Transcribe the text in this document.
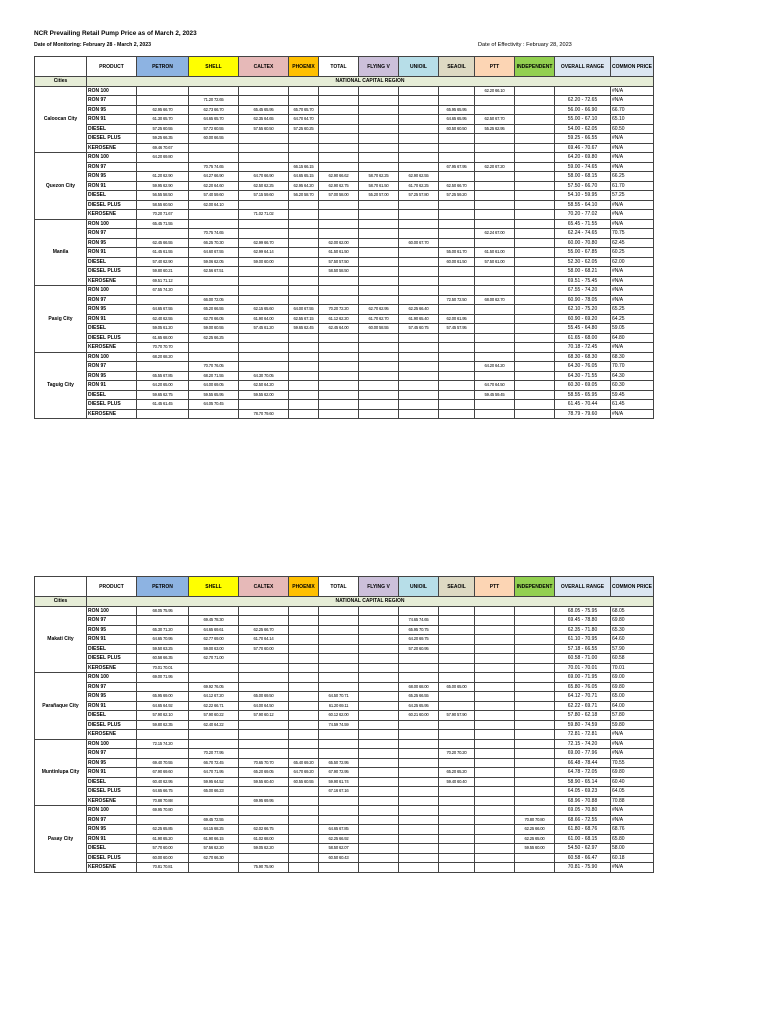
NCR Prevailing Retail Pump Price as of March 2, 2023
Date of Monitoring: February 28 - March 2, 2023	Date of Effectivity : February 28, 2023
	PRODUCT	PETRON	SHELL	CALTEX	PHOENIX	TOTAL	FLYING V	UNIOIL	SEAOIL	PTT	INDEPENDENT	OVERALL RANGE	COMMON PRICE
Cities	NATIONAL CAPITAL REGION												
Caloocan City	RON 100									62.20 66.10			#N/A
	RON 97		71.20 72.65									62.20 - 72.65	#N/A
	RON 95	62.95 66.70	62.73 66.70	65.45 65.95	65.70 65.70				65.95 65.95			56.00 - 66.90	66.70
	RON 91	61.30 65.70	64.65 65.70	62.35 64.65	64.70 64.70				64.65 65.95	62.50 67.70		55.00 - 67.10	65.10
	DIESEL	57.25 60.55	57.72 60.55	57.55 60.50	57.25 60.25				60.50 60.50	55.25 62.95		54.00 - 62.05	60.50
	DIESEL PLUS	59.25 66.35	60.00 66.55									59.25 - 66.55	#N/A
	KEROSENE	69.46 70.67										69.46 - 70.67	#N/A
Quezon City	RON 100	64.20 69.80										64.20 - 69.80	#N/A
	RON 97		70.75 74.65		66.15 66.15				67.95 67.95	62.20 67.20		59.00 - 74.65	#N/A
	RON 95	61.20 62.90	64.27 66.90	64.70 66.90	64.65 65.15	62.90 66.62	58.70 62.25	62.90 62.55				58.00 - 68.15	66.25
	RON 91	59.95 62.90	62.20 64.60	62.50 62.25	62.95 64.20	62.90 62.75	58.70 61.50	61.70 62.25	62.50 66.70			57.50 - 66.70	61.70
	DIESEL	56.55 58.50	57.40 59.60	57.15 59.60	56.20 58.70	57.00 58.00	55.20 57.00	57.25 57.80	57.25 59.20			54.10 - 59.95	57.25
	DIESEL PLUS	58.55 60.50	62.00 64.10									58.55 - 64.10	#N/A
	KEROSENE	70.20 71.67		71.02 71.02								70.20 - 77.02	#N/A
Manila	RON 100	65.45 71.55										65.45 - 71.55	#N/A
	RON 97		70.75 74.65							62.24 67.00		62.24 - 74.65	70.75
	RON 95	62.45 66.55	66.25 70.30	62.99 66.70		62.00 62.00		60.00 67.70				60.00 - 70.80	62.45
	RON 91	61.45 61.55	64.60 67.55	62.99 64.14		61.50 61.50			55.00 61.70	61.50 61.00		55.00 - 67.85	60.25
	DIESEL	57.40 62.90	59.06 62.05	59.00 60.00		57.50 57.50			60.00 61.50	57.50 61.00		52.30 - 62.05	62.00
	DIESEL PLUS	59.80 60.21	62.56 67.51			58.50 58.50						58.00 - 68.21	#N/A
	KEROSENE	69.51 71.12										69.51 - 75.45	#N/A
Pasig City	RON 100	67.55 74.20										67.55 - 74.20	#N/A
	RON 97		66.00 72.05						72.50 72.50	68.00 62.70		60.90 - 78.05	#N/A
	RON 95	64.65 67.55	65.20 66.55	62.15 65.60	64.00 67.55	70.20 72.20	62.70 62.95	62.25 66.40				62.10 - 75.20	65.25
	RON 91	62.40 62.55	62.70 66.05	61.90 64.00	62.55 67.15	61.12 62.20	61.70 62.70	61.90 65.40	62.00 61.95			60.90 - 69.20	64.25
	DIESEL	59.05 61.20	59.00 60.55	57.45 61.20	59.65 62.45	62.45 64.00	60.00 58.55	57.45 60.75	57.45 57.95			55.45 - 64.80	59.05
	DIESEL PLUS	61.65 68.00	62.25 66.25									61.65 - 68.00	64.80
	KEROSENE	70.70 70.70										70.18 - 72.45	#N/A
Taguig City	RON 100	68.20 68.20										68.30 - 68.30	68.30
	RON 97		70.70 76.05							64.20 64.20		64.30 - 76.05	70.70
	RON 95	65.55 67.85	68.20 71.55	64.30 70.05								64.30 - 71.55	64.30
	RON 91	64.20 65.00	64.00 69.05	62.50 64.20						64.70 64.50		60.30 - 69.05	60.30
	DIESEL	59.65 62.75	59.55 65.95	59.55 62.00						59.45 59.45		58.55 - 65.95	59.45
	DIESEL PLUS	61.45 61.45	64.05 70.45									61.45 - 70.44	61.45
	KEROSENE			78.70 79.60								78.79 - 79.60	#N/A
	PRODUCT	PETRON	SHELL	CALTEX	PHOENIX	TOTAL	FLYING V	UNIOIL	SEAOIL	PTT	INDEPENDENT	OVERALL RANGE	COMMON PRICE
Cities	NATIONAL CAPITAL REGION												
Makati City	RON 100	68.05 75.95										68.05 - 75.95	68.05
	RON 97		69.45 78.30					74.65 74.65				69.45 - 78.80	69.80
	RON 95	65.30 71.20	64.65 69.61	62.25 66.70				65.95 70.75				62.35 - 71.80	65.30
	RON 91	64.65 70.95	62.77 69.00	61.70 64.14				64.20 69.75				61.10 - 70.95	64.60
	DIESEL	59.50 63.25	59.00 63.00	57.70 60.00				57.20 60.95				57.18 - 66.55	57.90
	DIESEL PLUS	60.58 66.35	62.70 71.00									60.58 - 71.00	60.58
	KEROSENE	70.01 70.01										70.01 - 70.01	70.01
Parañaque City	RON 100	69.00 71.95										69.00 - 71.95	69.00
	RON 97		69.92 76.05					68.00 68.00	65.00 65.00			65.80 - 76.05	69.80
	RON 95	65.95 69.00	64.12 67.20	65.00 69.50		64.50 70.71		65.25 66.55				64.12 - 70.71	65.00
	RON 91	64.65 64.92	62.22 66.71	64.00 64.50		61.20 69.11		64.25 65.95				62.22 - 69.71	64.00
	DIESEL	57.90 62.10	57.90 60.22	57.90 60.12		60.12 62.00		60.21 60.00	57.90 57.90			57.80 - 62.18	57.80
	DIESEL PLUS	59.80 62.35	62.40 64.22			74.59 74.59						59.80 - 74.59	59.80
	KEROSENE											72.81 - 72.81	#N/A
Muntinlupa City	RON 100	72.15 74.20										72.15 - 74.20	#N/A
	RON 97		70.20 77.95						70.20 70.20			69.00 - 77.96	#N/A
	RON 95	69.40 70.55	66.70 72.45	70.65 70.70	65.40 69.20	65.50 72.95						66.48 - 78.44	70.55
	RON 91	67.90 69.60	64.70 71.95	65.20 69.05	64.70 69.20	67.90 72.95			65.20 65.20			64.78 - 72.05	69.80
	DIESEL	60.40 62.95	59.95 64.52	59.55 60.40	60.55 60.55	59.90 61.74			59.40 60.40			58.90 - 65.14	60.40
	DIESEL PLUS	64.65 66.75	65.00 66.23			67.16 67.16						64.05 - 69.23	64.05
	KEROSENE	70.88 70.88		69.95 69.95								68.96 - 70.88	70.88
Pasay City	RON 100	69.95 70.80										69.05 - 70.80	#N/A
	RON 97		69.45 72.55								70.80 70.80	68.66 - 72.55	#N/A
	RON 95	62.25 65.85	64.15 68.25	62.02 66.75		64.65 67.85					62.25 66.00	61.80 - 68.76	68.76
	RON 91	61.90 65.20	61.90 66.15	61.02 68.00		62.25 66.92					62.25 65.00	61.00 - 68.15	65.80
	DIESEL	57.70 60.00	57.56 62.20	59.05 62.20		58.50 62.07					59.55 60.00	54.50 - 62.97	58.00
	DIESEL PLUS	60.00 60.00	62.70 66.30			60.50 60.43						60.58 - 66.47	60.18
	KEROSENE	70.81 70.81		75.90 75.90								70.81 - 75.90	#N/A
